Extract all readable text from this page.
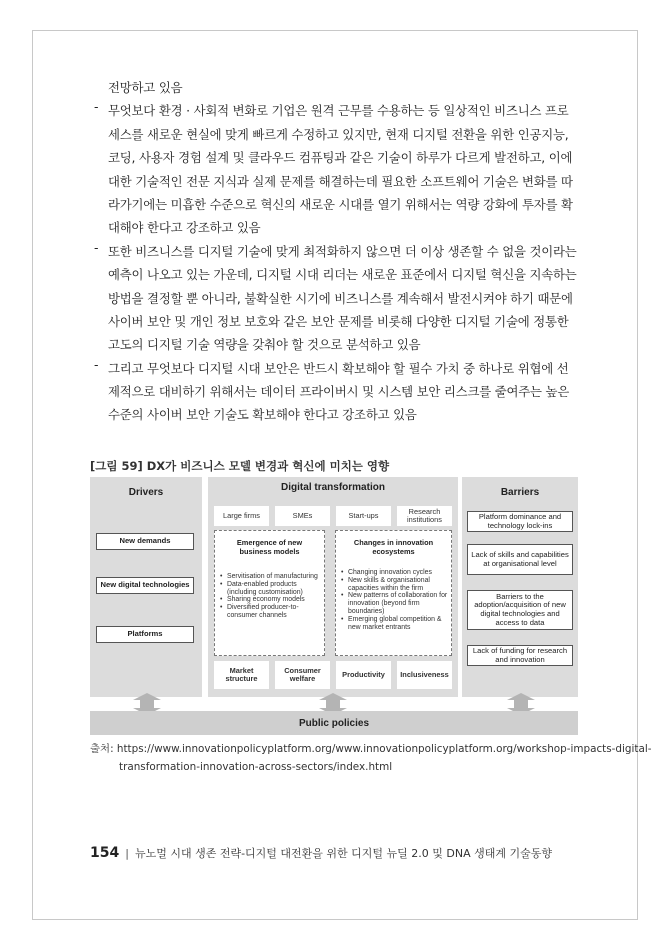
전망하고 있음
- 무엇보다 환경 · 사회적 변화로 기업은 원격 근무를 수용하는 등 일상적인 비즈니스 프로
세스를 새로운 현실에 맞게 빠르게 수정하고 있지만, 현재 디지털 전환을 위한 인공지능,
코딩, 사용자 경험 설계 및 클라우드 컴퓨팅과 같은 기술이 하루가 다르게 발전하고, 이에
대한 기술적인 전문 지식과 실제 문제를 해결하는데 필요한 소프트웨어 기술은 변화를 따
라가기에는 미흡한 수준으로 혁신의 새로운 시대를 열기 위해서는 역량 강화에 투자를 확
대해야 한다고 강조하고 있음
- 또한 비즈니스를 디지털 기술에 맞게 최적화하지 않으면 더 이상 생존할 수 없을 것이라는
예측이 나오고 있는 가운데, 디지털 시대 리더는 새로운 표준에서 디지털 혁신을 지속하는
방법을 결정할 뿐 아니라, 불확실한 시기에 비즈니스를 계속해서 발전시켜야 하기 때문에
사이버 보안 및 개인 정보 보호와 같은 보안 문제를 비롯해 다양한 디지털 기술에 정통한
고도의 디지털 기술 역량을 갖춰야 할 것으로 분석하고 있음
- 그리고 무엇보다 디지털 시대 보안은 반드시 확보해야 할 필수 가치 중 하나로 위협에 선
제적으로 대비하기 위해서는 데이터 프라이버시 및 시스템 보안 리스크를 줄여주는 높은
수준의 사이버 보안 기술도 확보해야 한다고 강조하고 있음
[그림 59] DX가 비즈니스 모델 변경과 혁신에 미치는 영향
Drivers
New demands
New digital technologies
Platforms
Digital transformation
Large firms	SMEs	Start-ups	Research institutions
Emergence of new business models
• Servitisation of manufacturing
• Data-enabled products (including customisation)
• Sharing economy models
• Diversified producer-to-consumer channels
Changes in innovation ecosystems
• Changing innovation cycles
• New skills & organisational capacities within the firm
• New patterns of collaboration for innovation (beyond firm boundaries)
• Emerging global competition & new market entrants
Market structure
Consumer welfare	Productivity	Inclusiveness
Barriers
Platform dominance and technology lock-ins
Lack of skills and capabilities at organisational level
Barriers to the adoption/acquisition of new digital technologies and access to data
Lack of funding for research and innovation
Public policies
출처: https://www.innovationpolicyplatform.org/www.innovationpolicyplatform.org/workshop-impacts-digital-
transformation-innovation-across-sectors/index.html
154 | 뉴노멀 시대 생존 전략-디지털 대전환을 위한 디지털 뉴딜 2.0 및 DNA 생태계 기술동향
